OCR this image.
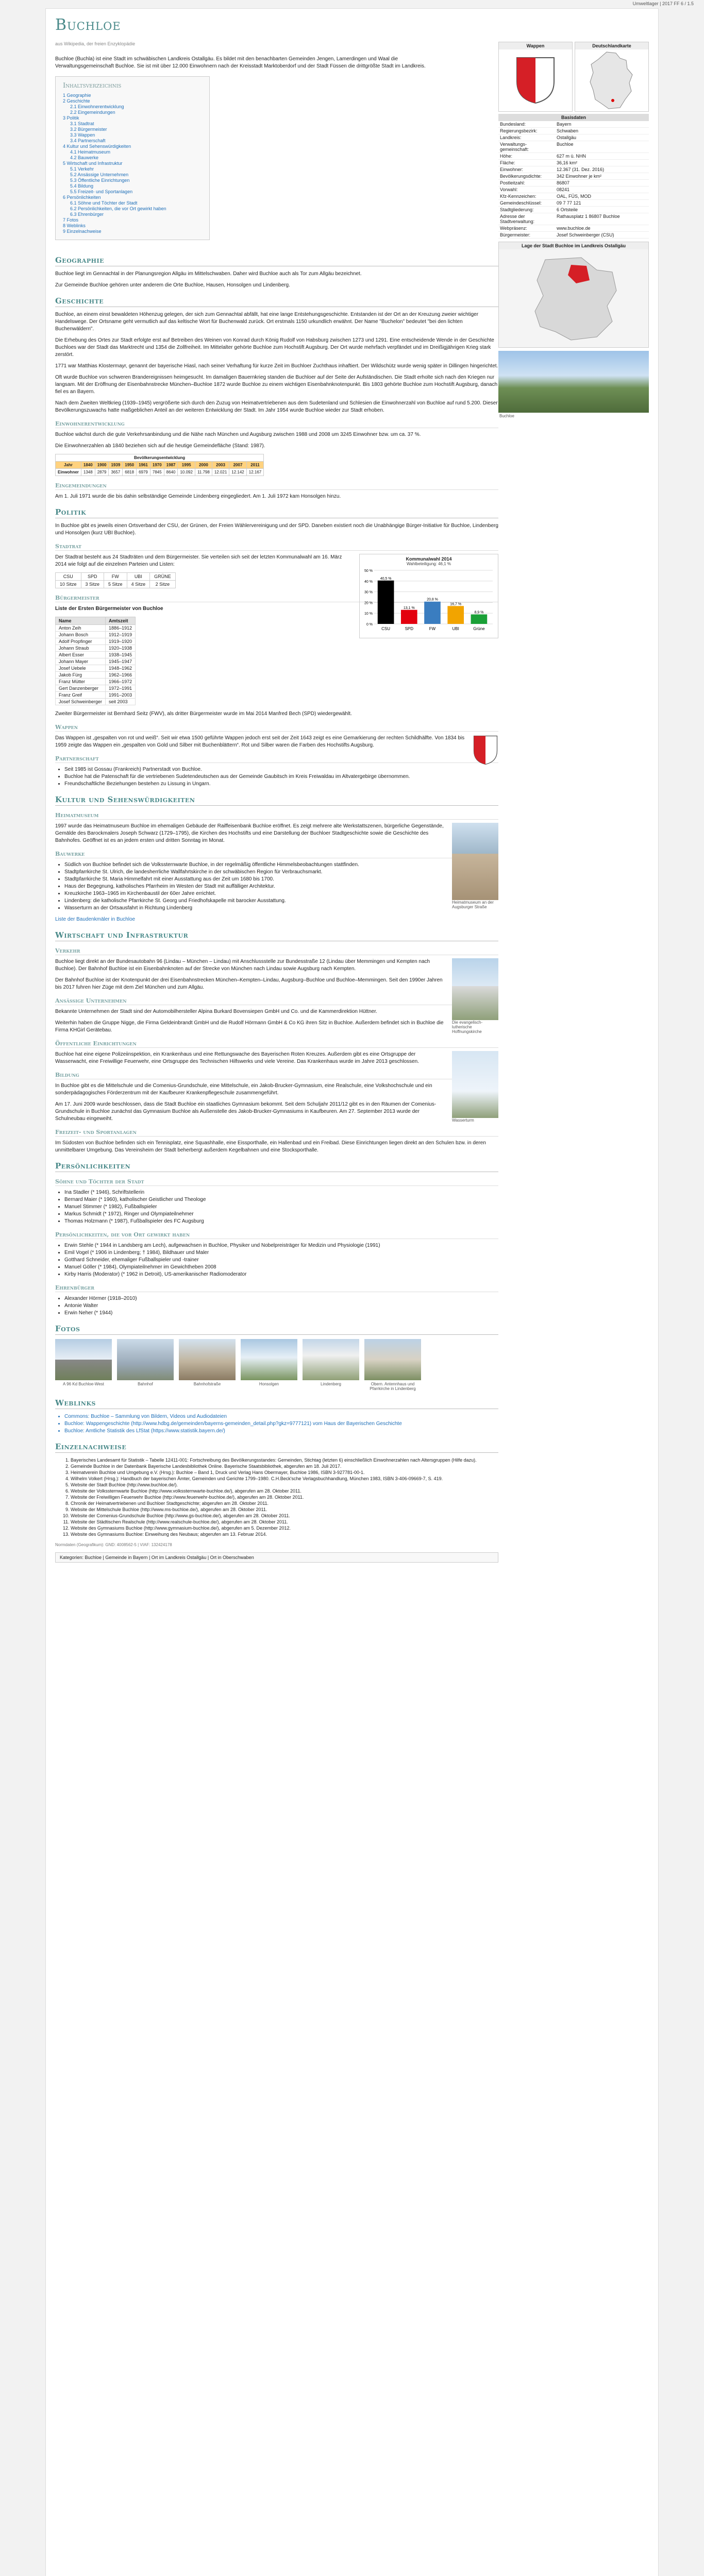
Umweltlager | 2017 FF 6 / 1.5
Buchloe
aus Wikipedia, der freien Enzyklopädie	Wappen	Deutschlandkarte
Basisdaten
Bundesland:	Bayern
Regierungsbezirk:	Schwaben
Landkreis:	Ostallgäu
Verwaltungs-gemeinschaft:
Buchloe
Höhe:	627 m ü. NHN
Fläche:	36,16 km²
Einwohner:	12.367 (31. Dez. 2016)
Bevölkerungsdichte:	342 Einwohner je km²
Postleitzahl:	86807
Vorwahl:	08241
Kfz-Kennzeichen:	OAL, FÜS, MOD
Gemeindeschlüssel:	09 7 77 121
Stadtgliederung:	6 Ortsteile
Adresse der Stadtverwaltung:
Rathausplatz 1 86807 Buchloe
Webpräsenz:	www.buchloe.de
Bürgermeister:	Josef Schweinberger (CSU)
Lage der Stadt Buchloe im Landkreis Ostallgäu
Buchloe

Buchloe (Buchla) ist eine Stadt im schwäbischen Landkreis Ostallgäu. Es bildet mit den benachbarten Gemeinden Jengen, Lamerdingen und Waal die Verwaltungsgemeinschaft Buchloe. Sie ist mit über 12.000 Einwohnern nach der Kreisstadt Marktoberdorf und der Stadt Füssen die drittgrößte Stadt im Landkreis.

Inhaltsverzeichnis
1 Geographie
2 Geschichte
2.1 Einwohnerentwicklung
2.2 Eingemeindungen
3 Politik
3.1 Stadtrat
3.2 Bürgermeister
3.3 Wappen
3.4 Partnerschaft
4 Kultur und Sehenswürdigkeiten
4.1 Heimatmuseum
4.2 Bauwerke
5 Wirtschaft und Infrastruktur
5.1 Verkehr
5.2 Ansässige Unternehmen
5.3 Öffentliche Einrichtungen
5.4 Bildung
5.5 Freizeit- und Sportanlagen
6 Persönlichkeiten
6.1 Söhne und Töchter der Stadt
6.2 Persönlichkeiten, die vor Ort gewirkt haben
6.3 Ehrenbürger
7 Fotos
8 Weblinks
9 Einzelnachweise
Geographie

Buchloe liegt im Gennachtal in der Planungsregion Allgäu im Mittelschwaben. Daher wird Buchloe auch als Tor zum Allgäu bezeichnet.

Zur Gemeinde Buchloe gehören unter anderem die Orte Buchloe, Hausen, Honsolgen und Lindenberg.

Geschichte

Buchloe, an einem einst bewaldeten Höhenzug gelegen, der sich zum Gennachtal abfällt, hat eine lange Entstehungsgeschichte. Entstanden ist der Ort an der Kreuzung zweier wichtiger Handelswege. Der Ortsname geht vermutlich auf das keltische Wort für Buchenwald zurück. Ort erstmals 1150 urkundlich erwähnt. Der Name "Buchelon" bedeutet "bei den lichten Buchenwäldern".

Die Erhebung des Ortes zur Stadt erfolgte erst auf Betreiben des Weinen von Konrad durch König Rudolf von Habsburg zwischen 1273 und 1291. Eine entscheidende Wende in der Geschichte Buchloes war der Stadt das Marktrecht und 1354 die Zollfreiheit. Im Mittelalter gehörte Buchloe zum Hochstift Augsburg. Der Ort wurde mehrfach verpfändet und im Dreißigjährigen Krieg stark zerstört.

1771 war Matthias Klostermayr, genannt der bayerische Hiasl, nach seiner Verhaftung für kurze Zeit im Buchloer Zuchthaus inhaftiert. Der Wildschütz wurde wenig später in Dillingen hingerichtet.

Oft wurde Buchloe von schweren Brandereignissen heimgesucht. Im damaligen Bauernkrieg standen die Buchloer auf der Seite der Aufständischen. Die Stadt erholte sich nach den Kriegen nur langsam. Mit der Eröffnung der Eisenbahnstrecke München–Buchloe 1872 wurde Buchloe zu einem wichtigen Eisenbahnknotenpunkt. Bis 1803 gehörte Buchloe zum Hochstift Augsburg, danach fiel es an Bayern.

Nach dem Zweiten Weltkrieg (1939–1945) vergrößerte sich durch den Zuzug von Heimatvertriebenen aus dem Sudetenland und Schlesien die Einwohnerzahl von Buchloe auf rund 5.200. Dieser Bevölkerungszuwachs hatte maßgeblichen Anteil an der weiteren Entwicklung der Stadt. Im Jahr 1954 wurde Buchloe wieder zur Stadt erhoben.

Einwohnerentwicklung

Buchloe wächst durch die gute Verkehrsanbindung und die Nähe nach München und Augsburg zwischen 1988 und 2008 um 3245 Einwohner bzw. um ca. 37 %.

Die Einwohnerzahlen ab 1840 beziehen sich auf die heutige Gemeindefläche (Stand: 1987).

Bevölkerungsentwicklung												
Jahr	1840	1900	1939	1950	1961	1970	1987	1995	2000	2003	2007	2011
Einwohner	1348	2879	3657	6818	6979	7845	8640	10.092	11.798	12.021	12.142	12.167
Eingemeindungen

Am 1. Juli 1971 wurde die bis dahin selbständige Gemeinde Lindenberg eingegliedert. Am 1. Juli 1972 kam Honsolgen hinzu.

Politik

In Buchloe gibt es jeweils einen Ortsverband der CSU, der Grünen, der Freien Wählervereinigung und der SPD. Daneben existiert noch die Unabhängige Bürger-Initiative für Buchloe, Lindenberg und Honsolgen (kurz UBI Buchloe).

Stadtrat
Kommunalwahl 2014
Wahlbeteiligung: 46,1 %
0 %
10 %
20 %
30 %
40 %
50 %
40,5 %
CSU
13,1 %
SPD
20,8 %
FW
16,7 %
UBI
8,9 %
Grüne

Der Stadtrat besteht aus 24 Stadträten und dem Bürgermeister. Sie verteilen sich seit der letzten Kommunalwahl am 16. März 2014 wie folgt auf die einzelnen Parteien und Listen:

CSU	SPD	FW	UBI	GRÜNE
10 Sitze	3 Sitze	5 Sitze	4 Sitze	2 Sitze
Bürgermeister

Liste der Ersten Bürgermeister von Buchloe

Name	Amtszeit
Anton Zeih	1886–1912
Johann Bosch	1912–1919
Adolf Propfinger	1919–1920
Johann Straub	1920–1938
Albert Esser	1938–1945
Johann Mayer	1945–1947
Josef Uebele	1948–1962
Jakob Fürg	1962–1966
Franz Mütter	1966–1972
Gert Danzenberger	1972–1991
Franz Greif	1991–2003
Josef Schweinberger	seit 2003

Zweiter Bürgermeister ist Bernhard Seitz (FWV), als dritter Bürgermeister wurde im Mai 2014 Manfred Bech (SPD) wiedergewählt.

Wappen

Das Wappen ist „gespalten von rot und weiß“. Seit wir etwa 1500 geführte Wappen jedoch erst seit der Zeit 1643 zeigt es eine Gemarkierung der rechten Schildhälfte. Von 1834 bis 1959 zeigte das Wappen ein „gespalten von Gold und Silber mit Buchenblättern“. Rot und Silber waren die Farben des Hochstifts Augsburg.

Partnerschaft
• Seit 1985 ist Gossau (Frankreich) Partnerstadt von Buchloe.
• Buchloe hat die Patenschaft für die vertriebenen Sudetendeutschen aus der Gemeinde Gaubitsch im Kreis Freiwaldau im Altvatergebirge übernommen.
• Freundschaftliche Beziehungen bestehen zu Lissung in Ungarn.
Kultur und Sehenswürdigkeiten
Heimatmuseum
Heimatmuseum an der Augsburger Straße

1997 wurde das Heimatmuseum Buchloe im ehemaligen Gebäude der Raiffeisenbank Buchloe eröffnet. Es zeigt mehrere alte Werkstattszenen, bürgerliche Gegenstände, Gemälde des Barockmalers Joseph Schwarz (1729–1795), die Kirchen des Hochstifts und eine Darstellung der Buchloer Stadtgeschichte sowie die Geschichte des Bahnhofes. Geöffnet ist es an jedem ersten und dritten Sonntag im Monat.

Bauwerke
• Südlich von Buchloe befindet sich die Volkssternwarte Buchloe, in der regelmäßig öffentliche Himmelsbeobachtungen stattfinden.
• Stadtpfarrkirche St. Ulrich, die landesherrliche Wallfahrtskirche in der schwäbischen Region für Verbrauchsmarkt.
• Stadtpfarrkirche St. Maria Himmelfahrt mit einer Ausstattung aus der Zeit um 1680 bis 1700.
• Haus der Begegnung, katholisches Pfarrheim im Westen der Stadt mit auffälliger Architektur.
• Kreuzkirche 1963–1965 im Kirchenbaustil der 60er Jahre errichtet.
• Lindenberg: die katholische Pfarrkirche St. Georg und Friedhofskapelle mit barocker Ausstattung.
• Wasserturm an der Ortsausfahrt in Richtung Lindenberg

Liste der Baudenkmäler in Buchloe

Wirtschaft und Infrastruktur
Verkehr
Die evangelisch-lutherische Hoffnungskirche

Buchloe liegt direkt an der Bundesautobahn 96 (Lindau – München – Lindau) mit Anschlussstelle zur Bundesstraße 12 (Lindau über Memmingen und Kempten nach Buchloe). Der Bahnhof Buchloe ist ein Eisenbahnknoten auf der Strecke von München nach Lindau sowie Augsburg nach Kempten.

Der Bahnhof Buchloe ist der Knotenpunkt der drei Eisenbahnstrecken München–Kempten–Lindau, Augsburg–Buchloe und Buchloe–Memmingen. Seit den 1990er Jahren bis 2017 fuhren hier Züge mit dem Ziel München und zum Allgäu.

Ansässige Unternehmen

Bekannte Unternehmen der Stadt sind der Automobilhersteller Alpina Burkard Bovensiepen GmbH und Co. und die Kammerdirektion Hüttner.

Weiterhin haben die Gruppe Nigge, die Firma Geldeinbrandt GmbH und die Rudolf Hörmann GmbH & Co KG ihren Sitz in Buchloe. Außerdem befindet sich in Buchloe die Firma KHGirl Gerätebau.

Öffentliche Einrichtungen
Wasserturm

Buchloe hat eine eigene Polizeiinspektion, ein Krankenhaus und eine Rettungswache des Bayerischen Roten Kreuzes. Außerdem gibt es eine Ortsgruppe der Wasserwacht, eine Freiwillige Feuerwehr, eine Ortsgruppe des Technischen Hilfswerks und viele Vereine. Das Krankenhaus wurde im Jahre 2013 geschlossen.

Bildung

In Buchloe gibt es die Mittelschule und die Comenius-Grundschule, eine Mittelschule, ein Jakob-Brucker-Gymnasium, eine Realschule, eine Volkshochschule und ein sonderpädagogisches Förderzentrum mit der Kaufbeurer Krankenpflegeschule zusammengeführt.

Am 17. Juni 2009 wurde beschlossen, dass die Stadt Buchloe ein staatliches Gymnasium bekommt. Seit dem Schuljahr 2011/12 gibt es in den Räumen der Comenius-Grundschule in Buchloe zunächst das Gymnasium Buchloe als Außenstelle des Jakob-Brucker-Gymnasiums in Kaufbeuren. Am 27. September 2013 wurde der Schulneubau eingeweiht.

Freizeit- und Sportanlagen

Im Südosten von Buchloe befinden sich ein Tennisplatz, eine Squashhalle, eine Eissporthalle, ein Hallenbad und ein Freibad. Diese Einrichtungen liegen direkt an den Schulen bzw. in deren unmittelbarer Umgebung. Das Vereinsheim der Stadt beherbergt außerdem Kegelbahnen und eine Stocksporthalle.

Persönlichkeiten
Söhne und Töchter der Stadt
• Ina Stadler (* 1946), Schriftstellerin
• Bernard Maier (* 1960), katholischer Geistlicher und Theologe
• Manuel Stimmer (* 1982), Fußballspieler
• Markus Schmidt (* 1972), Ringer und Olympiateilnehmer
• Thomas Holzmann (* 1987), Fußballspieler des FC Augsburg
Persönlichkeiten, die vor Ort gewirkt haben
• Erwin Stehle (* 1944 in Landsberg am Lech), aufgewachsen in Buchloe, Physiker und Nobelpreisträger für Medizin und Physiologie (1991)
• Emil Vogel (* 1906 in Lindenberg; † 1984), Bildhauer und Maler
• Gotthard Schneider, ehemaliger Fußballspieler und -trainer
• Manuel Göller (* 1984), Olympiateilnehmer im Gewichtheben 2008
• Kirby Harris (Moderator) (* 1962 in Detroit), US-amerikanischer Radiomoderator
Ehrenbürger
• Alexander Hörmer (1918–2010)
• Antonie Walter
• Erwin Neher (* 1944)
Fotos
A 96 Kd Buchloe-West	Bahnhof	Bahnhofstraße	Honsolgen	Lindenberg	Obern. Antennhaus und Pfarrkirche in Lindenberg
Weblinks
• Commons: Buchloe – Sammlung von Bildern, Videos und Audiodateien
• Buchloe: Wappengeschichte (http://www.hdbg.de/gemeinden/bayerns-gemeinden_detail.php?gkz=9777121) vom Haus der Bayerischen Geschichte
• Buchloe: Amtliche Statistik des LfStat (https://www.statistik.bayern.de/)
Einzelnachweise
1. Bayerisches Landesamt für Statistik – Tabelle 12411-001: Fortschreibung des Bevölkerungsstandes: Gemeinden, Stichtag (letzten 6) einschließlich Einwohnerzahlen nach Altersgruppen (Hilfe dazu).
2. Gemeinde Buchloe in der Datenbank Bayerische Landesbibliothek Online. Bayerische Staatsbibliothek, abgerufen am 18. Juli 2017.
3. Heimatverein Buchloe und Umgebung e.V. (Hrsg.): Buchloe – Band 1, Druck und Verlag Hans Obermayer, Buchloe 1986, ISBN 3-927781-00-1.
4. Wilhelm Volkert (Hrsg.): Handbuch der bayerischen Ämter, Gemeinden und Gerichte 1799–1980. C.H.Beck'sche Verlagsbuchhandlung, München 1983, ISBN 3-406-09669-7, S. 419.
5. Website der Stadt Buchloe (http://www.buchloe.de/).
6. Website der Volkssternwarte Buchloe (http://www.volkssternwarte-buchloe.de/), abgerufen am 28. Oktober 2011.
7. Website der Freiwilligen Feuerwehr Buchloe (http://www.feuerwehr-buchloe.de/), abgerufen am 28. Oktober 2011.
8. Chronik der Heimatvertriebenen und Buchloer Stadtgeschichte; abgerufen am 28. Oktober 2011.
9. Website der Mittelschule Buchloe (http://www.ms-buchloe.de/), abgerufen am 28. Oktober 2011.
10. Website der Comenius-Grundschule Buchloe (http://www.gs-buchloe.de/), abgerufen am 28. Oktober 2011.
11. Website der Städtischen Realschule (http://www.realschule-buchloe.de/), abgerufen am 28. Oktober 2011.
12. Website des Gymnasiums Buchloe (http://www.gymnasium-buchloe.de/), abgerufen am 5. Dezember 2012.
13. Website des Gymnasiums Buchloe: Einweihung des Neubaus; abgerufen am 13. Februar 2014.
Normdaten (Geografikum): GND: 4008562-5 | VIAF: 132424178
Kategorien: Buchloe | Gemeinde in Bayern | Ort im Landkreis Ostallgäu | Ort in Oberschwaben
